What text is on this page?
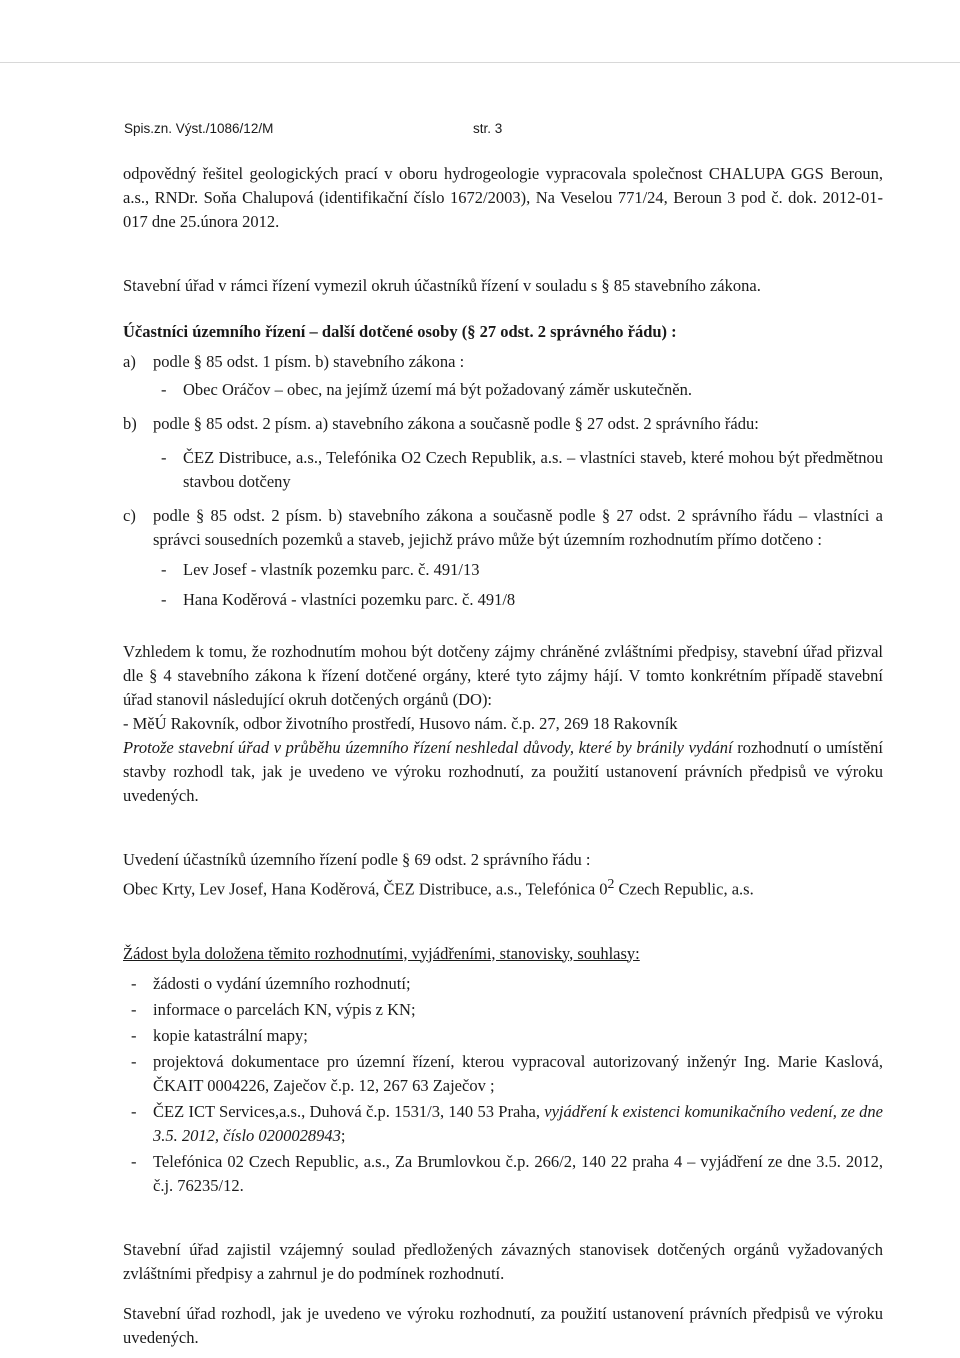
Spis.zn. Výst./1086/12/M	str. 3

odpovědný řešitel geologických prací v oboru hydrogeologie vypracovala společnost CHALUPA GGS Beroun, a.s., RNDr. Soňa Chalupová (identifikační číslo 1672/2003), Na Veselou 771/24, Beroun 3 pod č. dok. 2012-01-017 dne 25.února 2012.

Stavební úřad v rámci řízení vymezil okruh účastníků řízení v souladu s § 85 stavebního zákona.

Účastníci územního řízení – další dotčené osoby (§ 27 odst. 2 správného řádu) :

a) podle § 85 odst. 1 písm. b) stavebního zákona :
- Obec Oráčov – obec, na jejímž území má být požadovaný záměr uskutečněn.
b) podle § 85 odst. 2 písm. a) stavebního zákona a současně podle § 27 odst. 2 správního řádu:
- ČEZ Distribuce, a.s., Telefónika O2 Czech Republik, a.s. – vlastníci staveb, které mohou být předmětnou stavbou dotčeny
c) podle § 85 odst. 2 písm. b) stavebního zákona a současně podle § 27 odst. 2 správního řádu – vlastníci a správci sousedních pozemků a staveb, jejichž právo může být územním rozhodnutím přímo dotčeno :
- Lev Josef - vlastník pozemku parc. č. 491/13
- Hana Koděrová - vlastníci pozemku parc. č. 491/8

Vzhledem k tomu, že rozhodnutím mohou být dotčeny zájmy chráněné zvláštními předpisy, stavební úřad přizval dle § 4 stavebního zákona k řízení dotčené orgány, které tyto zájmy hájí. V tomto konkrétním případě stavební úřad stanovil následující okruh dotčených orgánů (DO):

- MěÚ Rakovník, odbor životního prostředí, Husovo nám. č.p. 27, 269 18 Rakovník

Protože stavební úřad v průběhu územního řízení neshledal důvody, které by bránily vydání rozhodnutí o umístění stavby rozhodl tak, jak je uvedeno ve výroku rozhodnutí, za použití ustanovení právních předpisů ve výroku uvedených.

Uvedení účastníků územního řízení podle § 69 odst. 2 správního řádu :

Obec Krty, Lev Josef, Hana Koděrová, ČEZ Distribuce, a.s., Telefónica $0^2$ Czech Republic, a.s.

Žádost byla doložena těmito rozhodnutími, vyjádřeními, stanovisky, souhlasy:

- žádosti o vydání územního rozhodnutí;
- informace o parcelách KN, výpis z KN;
- kopie katastrální mapy;
- projektová dokumentace pro územní řízení, kterou vypracoval autorizovaný inženýr Ing. Marie Kaslová, ČKAIT 0004226, Zaječov č.p. 12, 267 63 Zaječov ;
- ČEZ ICT Services,a.s., Duhová č.p. 1531/3, 140 53 Praha, vyjádření k existenci komunikačního vedení, ze dne 3.5. 2012, číslo 0200028943;
- Telefónica 02 Czech Republic, a.s., Za Brumlovkou č.p. 266/2, 140 22 praha 4 – vyjádření ze dne 3.5. 2012, č.j. 76235/12.

Stavební úřad zajistil vzájemný soulad předložených závazných stanovisek dotčených orgánů vyžadovaných zvláštními předpisy a zahrnul je do podmínek rozhodnutí.

Stavební úřad rozhodl, jak je uvedeno ve výroku rozhodnutí, za použití ustanovení právních předpisů ve výroku uvedených.
